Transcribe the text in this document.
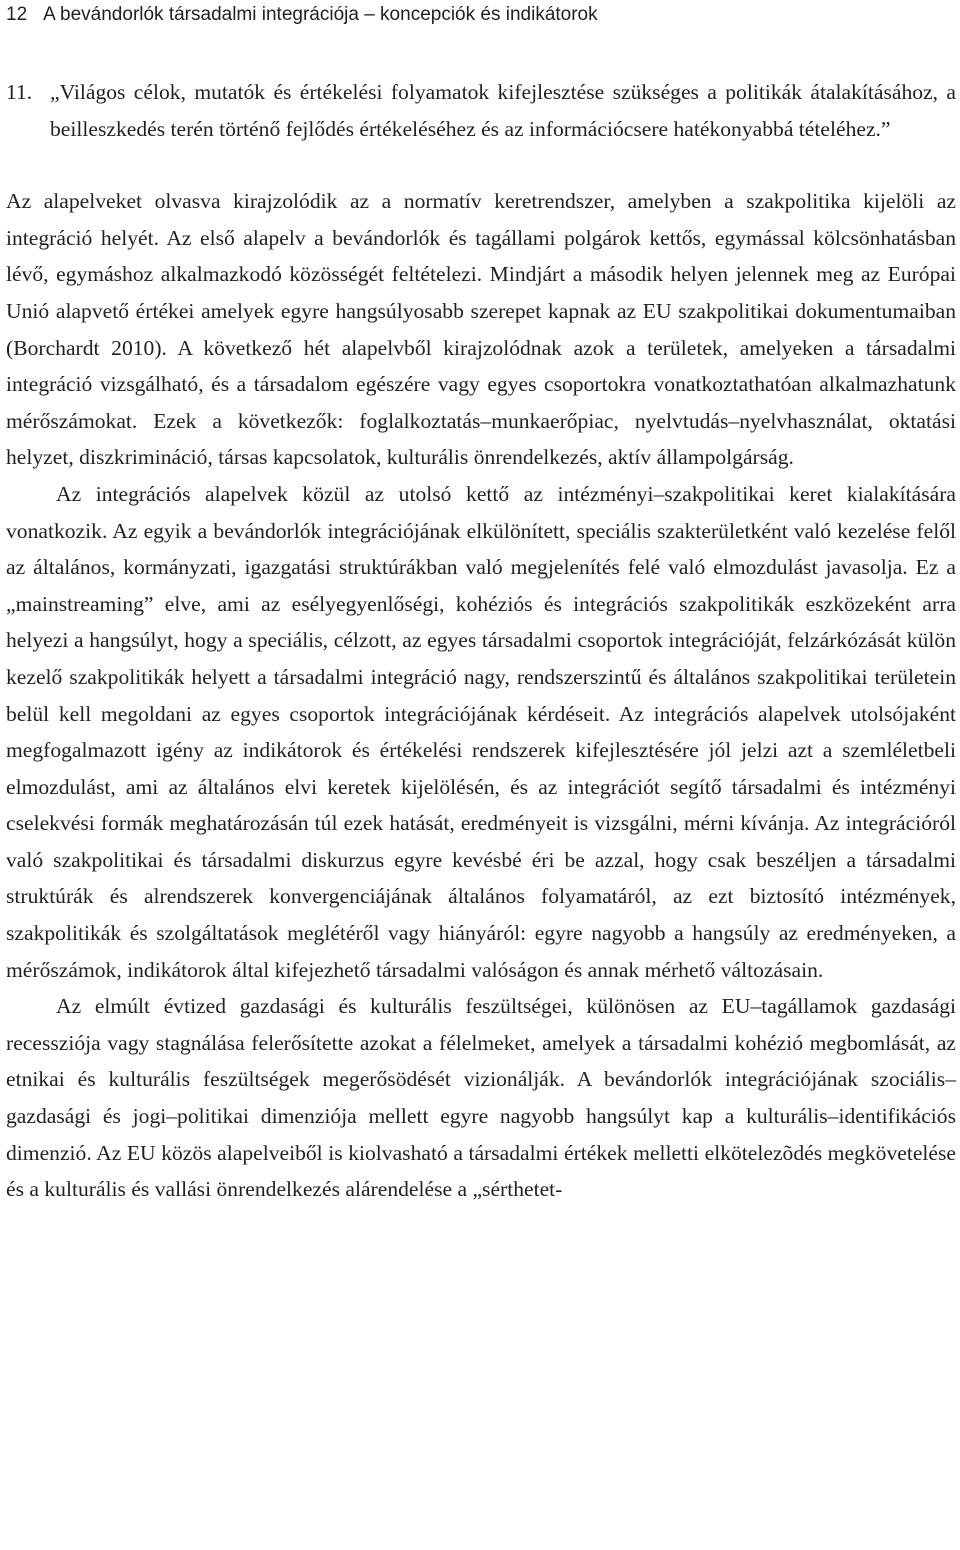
12 A bevándorlók társadalmi integrációja – koncepciók és indikátorok
11. „Világos célok, mutatók és értékelési folyamatok kifejlesztése szükséges a politikák átalakításához, a beilleszkedés terén történő fejlődés értékeléséhez és az információcsere hatékonyabbá tételéhez.”

Az alapelveket olvasva kirajzolódik az a normatív keretrendszer, amelyben a szakpolitika kijelöli az integráció helyét. Az első alapelv a bevándorlók és tagállami polgárok kettős, egymással kölcsönhatásban lévő, egymáshoz alkalmazkodó közösségét feltételezi. Mindjárt a második helyen jelennek meg az Európai Unió alapvető értékei amelyek egyre hangsúlyosabb szerepet kapnak az EU szakpolitikai dokumentumaiban (Borchardt 2010). A következő hét alapelvből kirajzolódnak azok a területek, amelyeken a társadalmi integráció vizsgálható, és a társadalom egészére vagy egyes csoportokra vonatkoztathatóan alkalmazhatunk mérőszámokat. Ezek a következők: foglalkoztatás–munkaerőpiac, nyelvtudás–nyelvhasználat, oktatási helyzet, diszkrimináció, társas kapcsolatok, kulturális önrendelkezés, aktív állampolgárság.

Az integrációs alapelvek közül az utolsó kettő az intézményi–szakpolitikai keret kialakítására vonatkozik. Az egyik a bevándorlók integrációjának elkülönített, speciális szakterületként való kezelése felől az általános, kormányzati, igazgatási struktúrákban való megjelenítés felé való elmozdulást javasolja. Ez a „mainstreaming” elve, ami az esélyegyenlőségi, kohéziós és integrációs szakpolitikák eszközeként arra helyezi a hangsúlyt, hogy a speciális, célzott, az egyes társadalmi csoportok integrációját, felzárkózását külön kezelő szakpolitikák helyett a társadalmi integráció nagy, rendszerszintű és általános szakpolitikai területein belül kell megoldani az egyes csoportok integrációjának kérdéseit. Az integrációs alapelvek utolsójaként megfogalmazott igény az indikátorok és értékelési rendszerek kifejlesztésére jól jelzi azt a szemléletbeli elmozdulást, ami az általános elvi keretek kijelölésén, és az integrációt segítő társadalmi és intézményi cselekvési formák meghatározásán túl ezek hatását, eredményeit is vizsgálni, mérni kívánja. Az integrációról való szakpolitikai és társadalmi diskurzus egyre kevésbé éri be azzal, hogy csak beszéljen a társadalmi struktúrák és alrendszerek konvergenciájának általános folyamatáról, az ezt biztosító intézmények, szakpolitikák és szolgáltatások meglétéről vagy hiányáról: egyre nagyobb a hangsúly az eredményeken, a mérőszámok, indikátorok által kifejezhető társadalmi valóságon és annak mérhető változásain.

Az elmúlt évtized gazdasági és kulturális feszültségei, különösen az EU–tagállamok gazdasági recessziója vagy stagnálása felerősítette azokat a félelmeket, amelyek a társadalmi kohézió megbomlását, az etnikai és kulturális feszültségek megerősödését vizionálják. A bevándorlók integrációjának szociális–gazdasági és jogi–politikai dimenziója mellett egyre nagyobb hangsúlyt kap a kulturális–identifikációs dimenzió. Az EU közös alapelveiből is kiolvasható a társadalmi értékek melletti elkötelezõdés megkövetelése és a kulturális és vallási önrendelkezés alárendelése a „sérthetet-
